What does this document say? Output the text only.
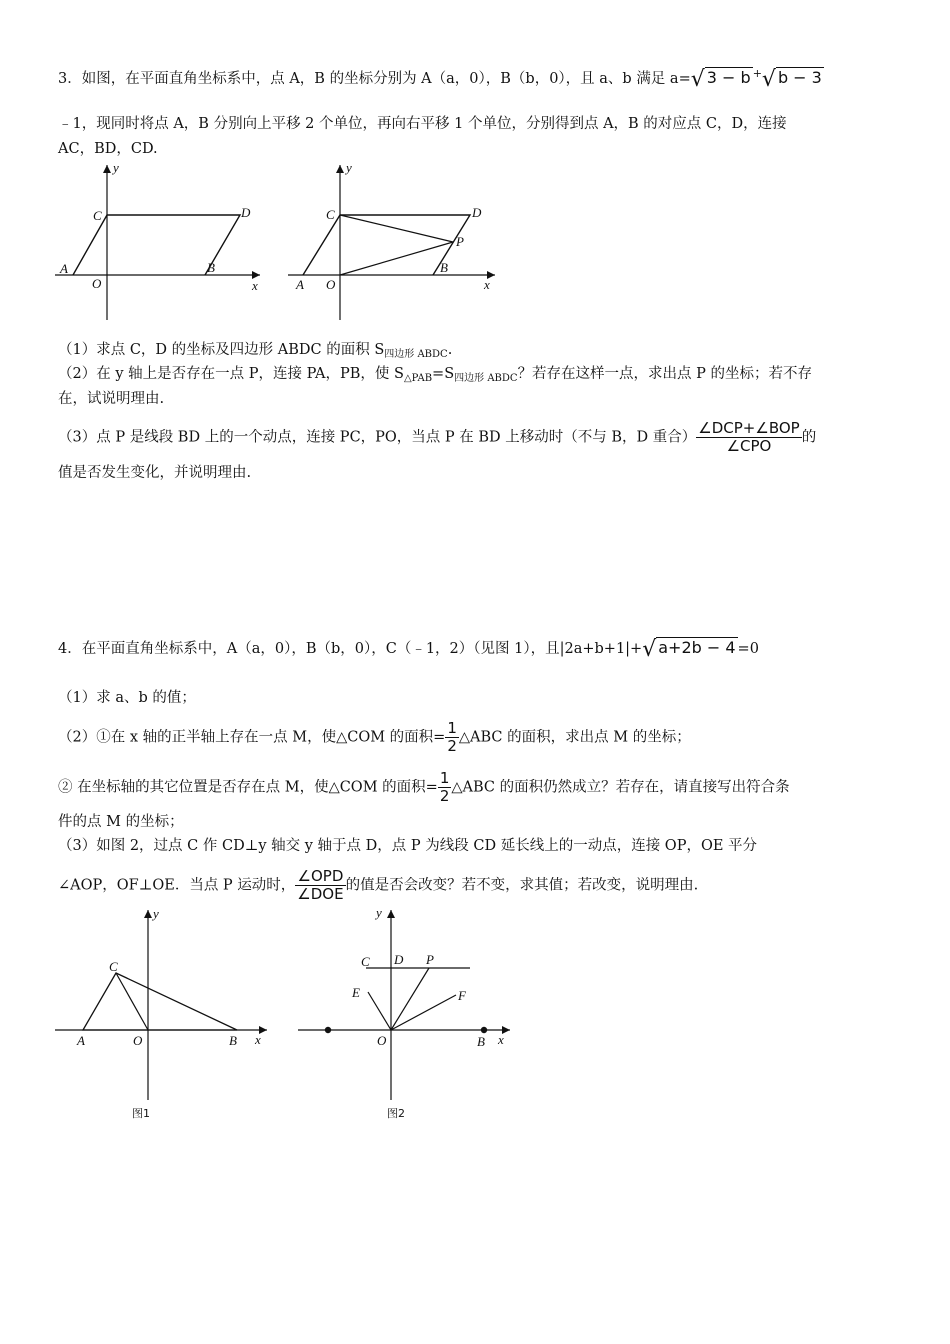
3．如图，在平面直角坐标系中，点 A，B 的坐标分别为 A（a，0），B（b，0），且 a、b 满足 a=√ 3 − b +√ b − 3
﹣1，现同时将点 A，B 分别向上平移 2 个单位，再向右平移 1 个单位，分别得到点 A，B 的对应点 C，D，连接
AC，BD，CD.
y
x
C	D
A
O
B
y
x
C	D
P
A O
B
（1）求点 C，D 的坐标及四边形 ABDC 的面积 $S_{四边形 ABDC}$.
（2）在 y 轴上是否存在一点 P，连接 PA，PB，使 $S_{\triangle PAB}=S_{四边形 ABDC}$？若存在这样一点，求出点 P 的坐标；若不存
在，试说明理由.
（3）点 P 是线段 BD 上的一个动点，连接 PC，PO，当点 P 在 BD 上移动时（不与 B，D 重合） $\frac{\text{∠DCP+∠BOP}}{\text{∠CPO}}$ 的
值是否发生变化，并说明理由.
4．在平面直角坐标系中，A（a，0），B（b，0），C（﹣1，2）（见图 1），且|2a+b+1|+√ a+2b − 4 =0
（1）求 a、b 的值；
（2）①在 x 轴的正半轴上存在一点 M，使△COM 的面积= $\frac{1}{2}$ △ABC 的面积，求出点 M 的坐标；
② 在坐标轴的其它位置是否存在点 M，使△COM 的面积= $\frac{1}{2}$ △ABC 的面积仍然成立？若存在，请直接写出符合条
件的点 M 的坐标；
（3）如图 2，过点 C 作 CD⊥y 轴交 y 轴于点 D，点 P 为线段 CD 延长线上的一动点，连接 OP，OE 平分
∠AOP，OF⊥OE．当点 P 运动时， $\frac{\text{∠OPD}}{\text{∠DOE}}$ 的值是否会改变？若不变，求其值；若改变，说明理由.
y
x
C
A	O	B
图1
y
x
C D P
E	F
O	B
图2
